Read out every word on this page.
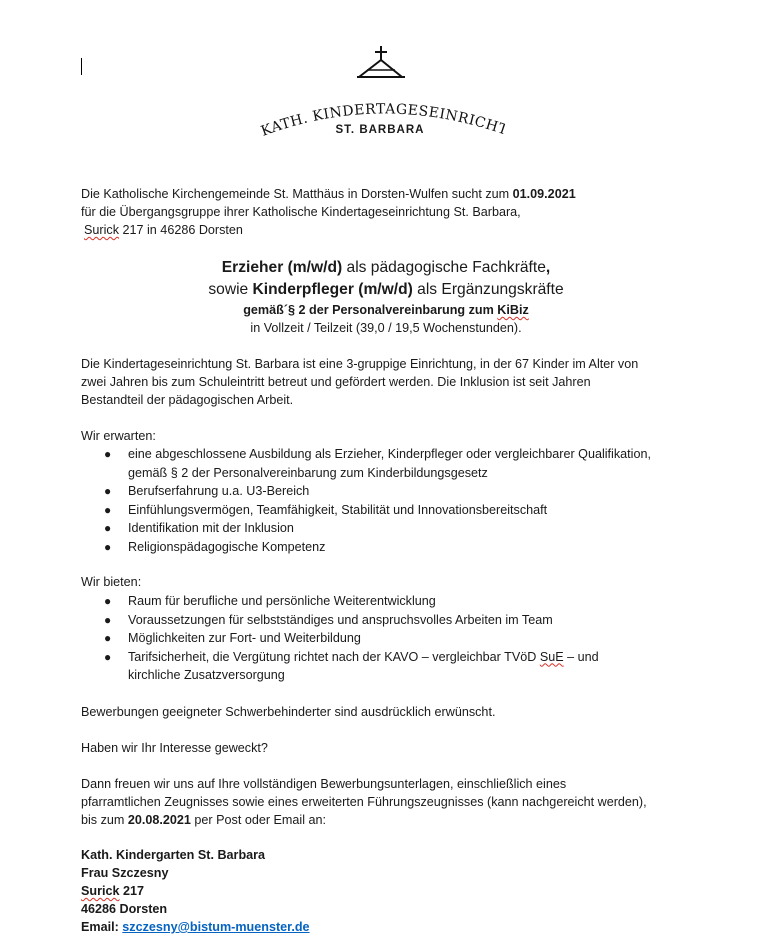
KATH. KINDERTAGESEINRICH
ST. BARBARA
Die Katholische Kirchengemeinde St. Matthäus in Dorsten-Wulfen sucht zum 01.09.2021
für die Übergangsgruppe ihrer Katholische Kindertageseinrichtung St. Barbara,
Surick 217 in 46286 Dorsten
Erzieher (m/w/d) als pädagogische Fachkräfte,
sowie Kinderpfleger (m/w/d) als Ergänzungskräfte
gemäß´§ 2 der Personalvereinbarung zum KiBiz
in Vollzeit / Teilzeit (39,0 / 19,5 Wochenstunden).
Die Kindertageseinrichtung St. Barbara ist eine 3-gruppige Einrichtung, in der 67 Kinder im Alter von
zwei Jahren bis zum Schuleintritt betreut und gefördert werden. Die Inklusion ist seit Jahren
Bestandteil der pädagogischen Arbeit.
Wir erwarten:
● eine abgeschlossene Ausbildung als Erzieher, Kinderpfleger oder vergleichbarer Qualifikation,
gemäß § 2 der Personalvereinbarung zum Kinderbildungsgesetz
● Berufserfahrung u.a. U3-Bereich
● Einfühlungsvermögen, Teamfähigkeit, Stabilität und Innovationsbereitschaft
● Identifikation mit der Inklusion
● Religionspädagogische Kompetenz
Wir bieten:
● Raum für berufliche und persönliche Weiterentwicklung
● Voraussetzungen für selbstständiges und anspruchsvolles Arbeiten im Team
● Möglichkeiten zur Fort- und Weiterbildung
● Tarifsicherheit, die Vergütung richtet nach der KAVO – vergleichbar TVöD SuE – und
kirchliche Zusatzversorgung
Bewerbungen geeigneter Schwerbehinderter sind ausdrücklich erwünscht.
Haben wir Ihr Interesse geweckt?
Dann freuen wir uns auf Ihre vollständigen Bewerbungsunterlagen, einschließlich eines
pfarramtlichen Zeugnisses sowie eines erweiterten Führungszeugnisses (kann nachgereicht werden),
bis zum 20.08.2021 per Post oder Email an:
Kath. Kindergarten St. Barbara
Frau Szczesny
Surick 217
46286 Dorsten
Email: szczesny@bistum-muenster.de
